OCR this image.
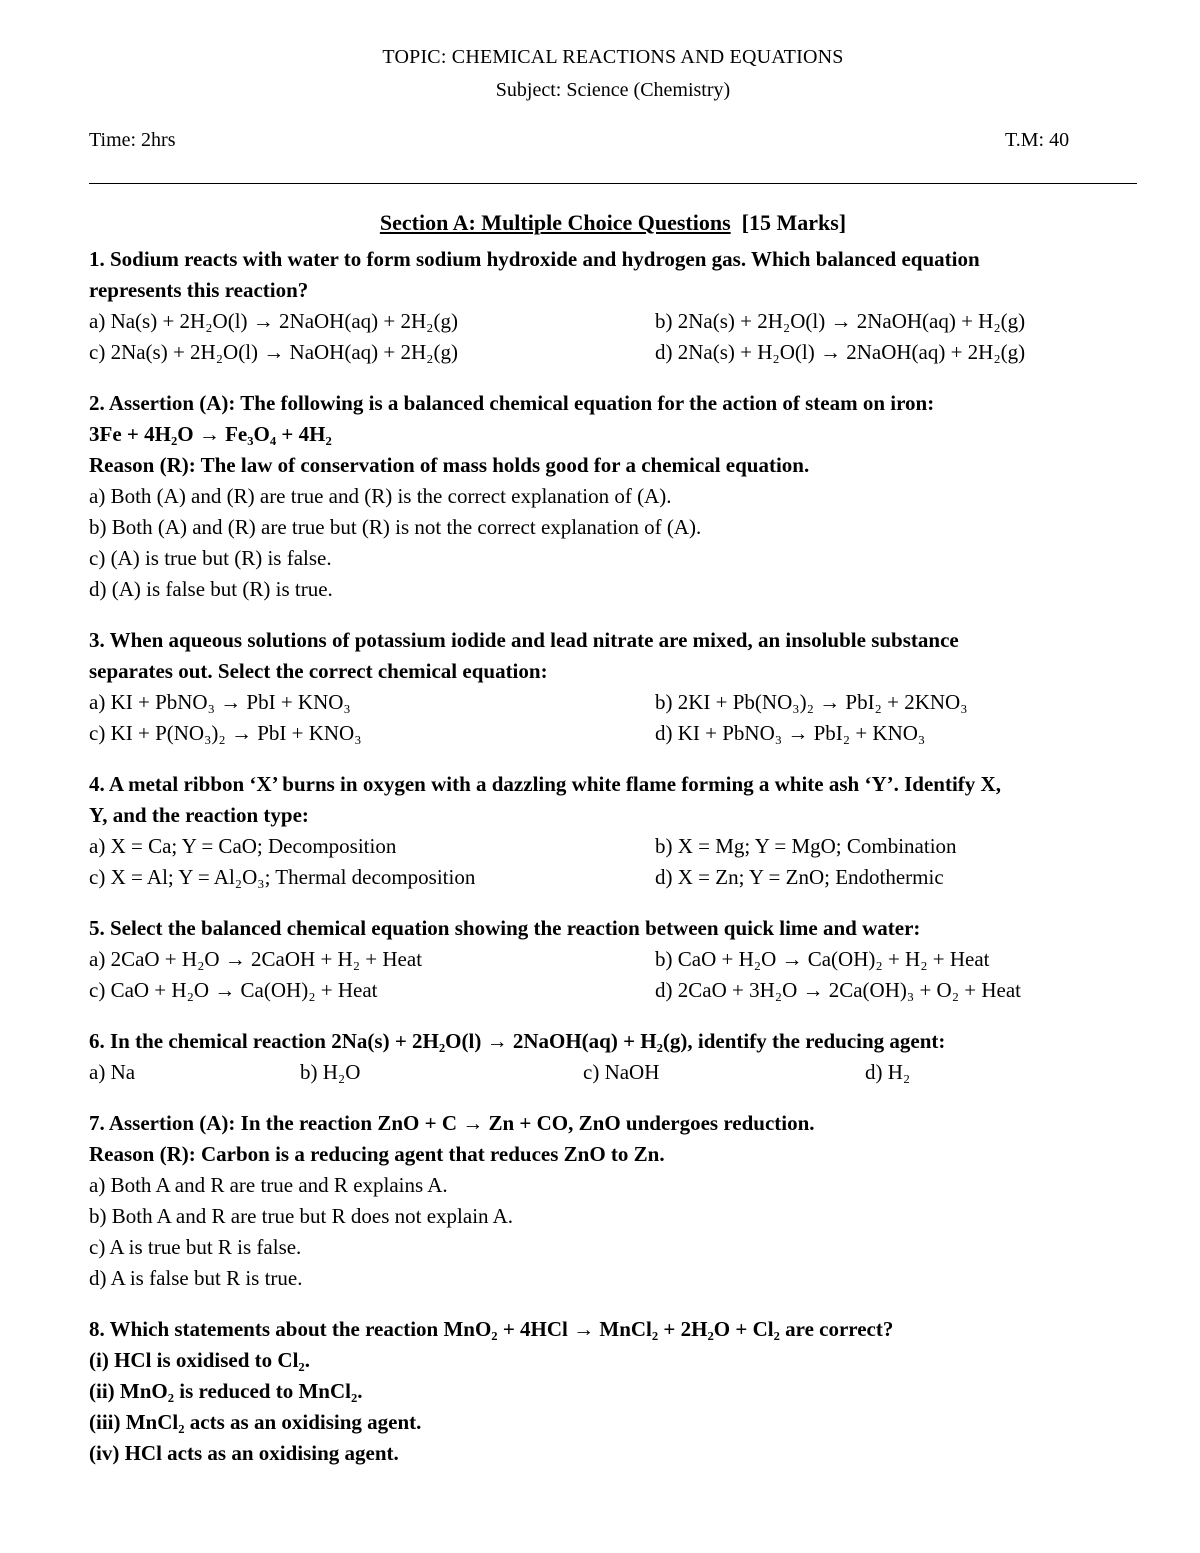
TOPIC: CHEMICAL REACTIONS AND EQUATIONS
Subject: Science (Chemistry)
Time: 2hrs	T.M: 40
Section A: Multiple Choice Questions [15 Marks]
1. Sodium reacts with water to form sodium hydroxide and hydrogen gas. Which balanced equation
represents this reaction?
a) Na(s) + 2H₂O(l) → 2NaOH(aq) + 2H₂(g)	b) 2Na(s) + 2H₂O(l) → 2NaOH(aq) + H₂(g)
c) 2Na(s) + 2H₂O(l) → NaOH(aq) + 2H₂(g)	d) 2Na(s) + H₂O(l) → 2NaOH(aq) + 2H₂(g)
2. Assertion (A): The following is a balanced chemical equation for the action of steam on iron:
3Fe + 4H₂O → Fe₃O₄ + 4H₂
Reason (R): The law of conservation of mass holds good for a chemical equation.
a) Both (A) and (R) are true and (R) is the correct explanation of (A).
b) Both (A) and (R) are true but (R) is not the correct explanation of (A).
c) (A) is true but (R) is false.
d) (A) is false but (R) is true.
3. When aqueous solutions of potassium iodide and lead nitrate are mixed, an insoluble substance
separates out. Select the correct chemical equation:
a) KI + PbNO₃ → PbI + KNO₃	b) 2KI + Pb(NO₃)₂ → PbI₂ + 2KNO₃
c) KI + P(NO₃)₂ → PbI + KNO₃	d) KI + PbNO₃ → PbI₂ + KNO₃
4. A metal ribbon ‘X’ burns in oxygen with a dazzling white flame forming a white ash ‘Y’. Identify X,
Y, and the reaction type:
a) X = Ca; Y = CaO; Decomposition	b) X = Mg; Y = MgO; Combination
c) X = Al; Y = Al₂O₃; Thermal decomposition	d) X = Zn; Y = ZnO; Endothermic
5. Select the balanced chemical equation showing the reaction between quick lime and water:
a) 2CaO + H₂O → 2CaOH + H₂ + Heat	b) CaO + H₂O → Ca(OH)₂ + H₂ + Heat
c) CaO + H₂O → Ca(OH)₂ + Heat	d) 2CaO + 3H₂O → 2Ca(OH)₃ + O₂ + Heat
6. In the chemical reaction 2Na(s) + 2H₂O(l) → 2NaOH(aq) + H₂(g), identify the reducing agent:
a) Na	b) H₂O	c) NaOH	d) H₂
7. Assertion (A): In the reaction ZnO + C → Zn + CO, ZnO undergoes reduction.
Reason (R): Carbon is a reducing agent that reduces ZnO to Zn.
a) Both A and R are true and R explains A.
b) Both A and R are true but R does not explain A.
c) A is true but R is false.
d) A is false but R is true.
8. Which statements about the reaction MnO₂ + 4HCl → MnCl₂ + 2H₂O + Cl₂ are correct?
(i) HCl is oxidised to Cl₂.
(ii) MnO₂ is reduced to MnCl₂.
(iii) MnCl₂ acts as an oxidising agent.
(iv) HCl acts as an oxidising agent.
